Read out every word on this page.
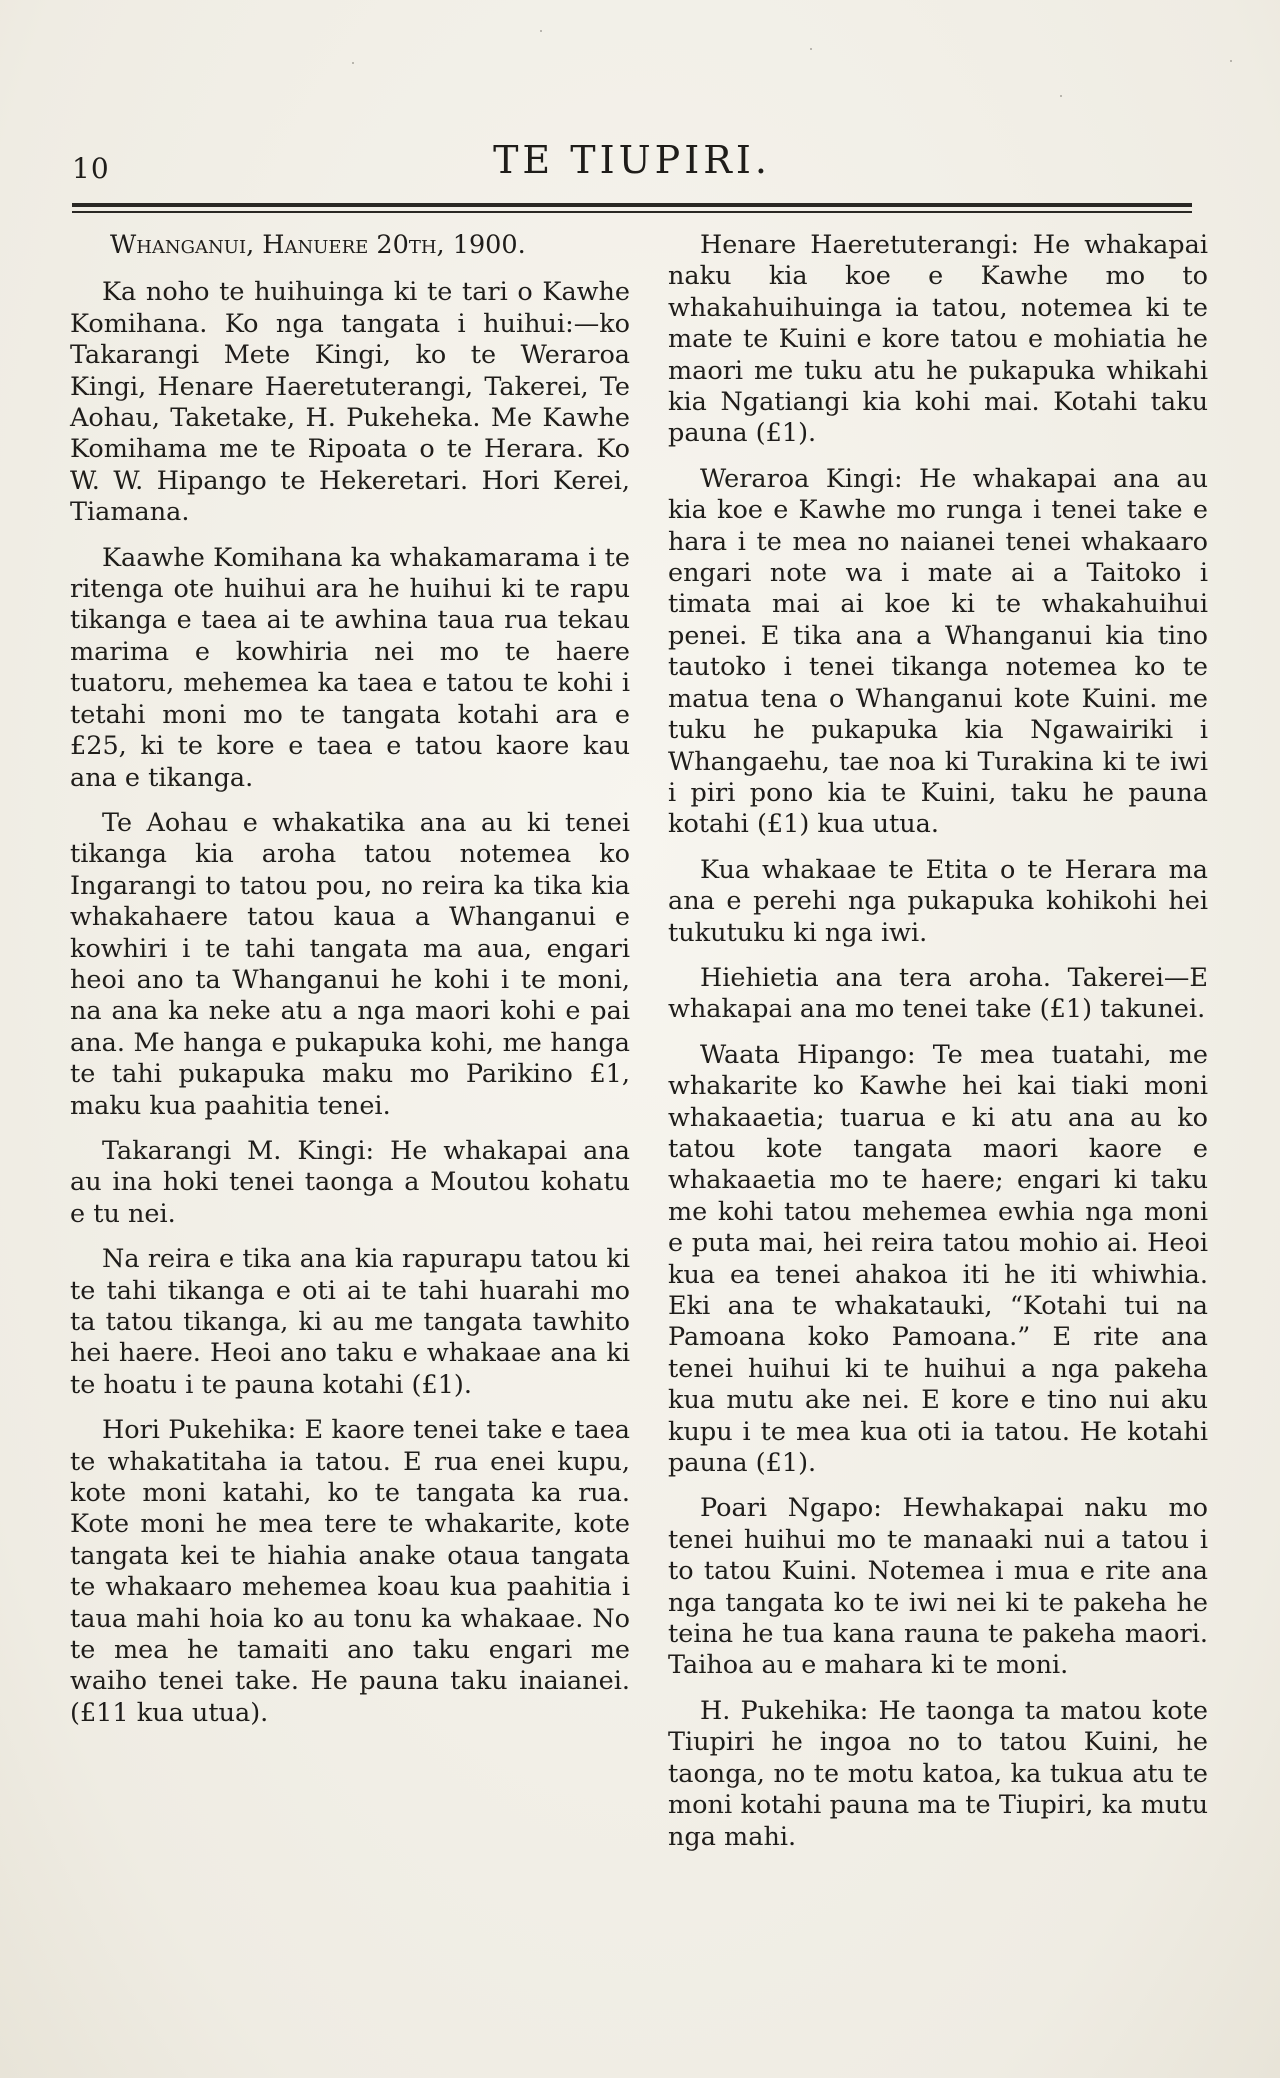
10	TE TIUPIRI.

Whanganui, Hanuere 20th, 1900.

Ka noho te huihuinga ki te tari o Kawhe Komihana. Ko nga tangata i huihui:—ko Takarangi Mete Kingi, ko te Weraroa Kingi, Henare Haeretuterangi, Takerei, Te Aohau, Taketake, H. Pukeheka. Me Kawhe Komihama me te Ripoata o te Herara. Ko W. W. Hipango te Hekeretari. Hori Kerei, Tiamana.

Kaawhe Komihana ka whakamarama i te ritenga ote huihui ara he huihui ki te rapu tikanga e taea ai te awhina taua rua tekau marima e kowhiria nei mo te haere tuatoru, mehemea ka taea e tatou te kohi i tetahi moni mo te tangata kotahi ara e £25, ki te kore e taea e tatou kaore kau ana e tikanga.

Te Aohau e whakatika ana au ki tenei tikanga kia aroha tatou notemea ko Ingarangi to tatou pou, no reira ka tika kia whakahaere tatou kaua a Whanganui e kowhiri i te tahi tangata ma aua, engari heoi ano ta Whanganui he kohi i te moni, na ana ka neke atu a nga maori kohi e pai ana. Me hanga e pukapuka kohi, me hanga te tahi pukapuka maku mo Parikino £1, maku kua paahitia tenei.

Takarangi M. Kingi: He whakapai ana au ina hoki tenei taonga a Moutou kohatu e tu nei.

Na reira e tika ana kia rapurapu tatou ki te tahi tikanga e oti ai te tahi huarahi mo ta tatou tikanga, ki au me tangata tawhito hei haere. Heoi ano taku e whakaae ana ki te hoatu i te pauna kotahi (£1).

Hori Pukehika: E kaore tenei take e taea te whakatitaha ia tatou. E rua enei kupu, kote moni katahi, ko te tangata ka rua. Kote moni he mea tere te whakarite, kote tangata kei te hiahia anake otaua tangata te whakaaro mehemea koau kua paahitia i taua mahi hoia ko au tonu ka whakaae. No te mea he tamaiti ano taku engari me waiho tenei take. He pauna taku inaianei. (£11 kua utua).

Henare Haeretuterangi: He whakapai naku kia koe e Kawhe mo to whakahuihuinga ia tatou, notemea ki te mate te Kuini e kore tatou e mohiatia he maori me tuku atu he pukapuka whikahi kia Ngatiangi kia kohi mai. Kotahi taku pauna (£1).

Weraroa Kingi: He whakapai ana au kia koe e Kawhe mo runga i tenei take e hara i te mea no naianei tenei whakaaro engari note wa i mate ai a Taitoko i timata mai ai koe ki te whakahuihui penei. E tika ana a Whanganui kia tino tautoko i tenei tikanga notemea ko te matua tena o Whanganui kote Kuini. me tuku he pukapuka kia Ngawairiki i Whangaehu, tae noa ki Turakina ki te iwi i piri pono kia te Kuini, taku he pauna kotahi (£1) kua utua.

Kua whakaae te Etita o te Herara ma ana e perehi nga pukapuka kohikohi hei tukutuku ki nga iwi.

Hiehietia ana tera aroha. Takerei—E whakapai ana mo tenei take (£1) takunei.

Waata Hipango: Te mea tuatahi, me whakarite ko Kawhe hei kai tiaki moni whakaaetia; tuarua e ki atu ana au ko tatou kote tangata maori kaore e whakaaetia mo te haere; engari ki taku me kohi tatou mehemea ewhia nga moni e puta mai, hei reira tatou mohio ai. Heoi kua ea tenei ahakoa iti he iti whiwhia. Eki ana te whakatauki, “Kotahi tui na Pamoana koko Pamoana.” E rite ana tenei huihui ki te huihui a nga pakeha kua mutu ake nei. E kore e tino nui aku kupu i te mea kua oti ia tatou. He kotahi pauna (£1).

Poari Ngapo: Hewhakapai naku mo tenei huihui mo te manaaki nui a tatou i to tatou Kuini. Notemea i mua e rite ana nga tangata ko te iwi nei ki te pakeha he teina he tua kana rauna te pakeha maori. Taihoa au e mahara ki te moni.

H. Pukehika: He taonga ta matou kote Tiupiri he ingoa no to tatou Kuini, he taonga, no te motu katoa, ka tukua atu te moni kotahi pauna ma te Tiupiri, ka mutu nga mahi.
